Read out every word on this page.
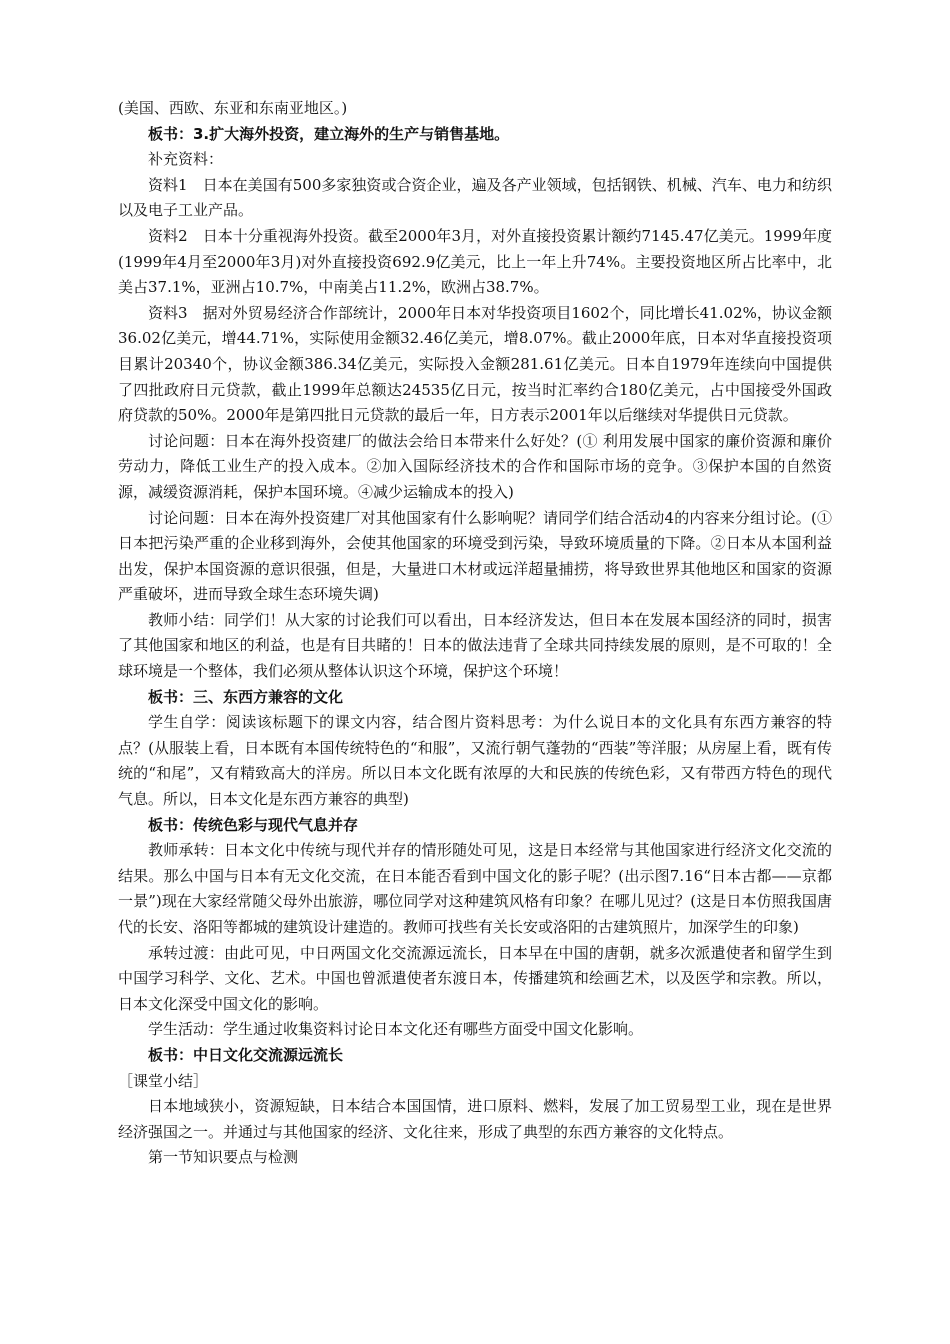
(美国、西欧、东亚和东南亚地区。)

板书：3.扩大海外投资，建立海外的生产与销售基地。

补充资料：

资料1　日本在美国有500多家独资或合资企业，遍及各产业领域，包括钢铁、机械、汽车、电力和纺织以及电子工业产品。

资料2　日本十分重视海外投资。截至2000年3月，对外直接投资累计额约7145.47亿美元。1999年度(1999年4月至2000年3月)对外直接投资692.9亿美元，比上一年上升74%。主要投资地区所占比率中，北美占37.1%，亚洲占10.7%，中南美占11.2%，欧洲占38.7%。

资料3　据对外贸易经济合作部统计，2000年日本对华投资项目1602个，同比增长41.02%，协议金额36.02亿美元，增44.71%，实际使用金额32.46亿美元，增8.07%。截止2000年底，日本对华直接投资项目累计20340个，协议金额386.34亿美元，实际投入金额281.61亿美元。日本自1979年连续向中国提供了四批政府日元贷款，截止1999年总额达24535亿日元，按当时汇率约合180亿美元，占中国接受外国政府贷款的50%。2000年是第四批日元贷款的最后一年，日方表示2001年以后继续对华提供日元贷款。

讨论问题：日本在海外投资建厂的做法会给日本带来什么好处？(① 利用发展中国家的廉价资源和廉价劳动力，降低工业生产的投入成本。②加入国际经济技术的合作和国际市场的竞争。③保护本国的自然资源，减缓资源消耗，保护本国环境。④减少运输成本的投入)

讨论问题：日本在海外投资建厂对其他国家有什么影响呢？请同学们结合活动4的内容来分组讨论。(① 日本把污染严重的企业移到海外，会使其他国家的环境受到污染，导致环境质量的下降。②日本从本国利益出发，保护本国资源的意识很强，但是，大量进口木材或远洋超量捕捞，将导致世界其他地区和国家的资源严重破坏，进而导致全球生态环境失调)

教师小结：同学们！从大家的讨论我们可以看出，日本经济发达，但日本在发展本国经济的同时，损害了其他国家和地区的利益，也是有目共睹的！日本的做法违背了全球共同持续发展的原则，是不可取的！全球环境是一个整体，我们必须从整体认识这个环境，保护这个环境！

板书：三、东西方兼容的文化

学生自学：阅读该标题下的课文内容，结合图片资料思考：为什么说日本的文化具有东西方兼容的特点？(从服装上看，日本既有本国传统特色的“和服”，又流行朝气蓬勃的“西装”等洋服；从房屋上看，既有传统的“和尾”，又有精致高大的洋房。所以日本文化既有浓厚的大和民族的传统色彩，又有带西方特色的现代气息。所以，日本文化是东西方兼容的典型)

板书：传统色彩与现代气息并存

教师承转：日本文化中传统与现代并存的情形随处可见，这是日本经常与其他国家进行经济文化交流的结果。那么中国与日本有无文化交流，在日本能否看到中国文化的影子呢？(出示图7.16“日本古都——京都一景”)现在大家经常随父母外出旅游，哪位同学对这种建筑风格有印象？在哪儿见过？(这是日本仿照我国唐代的长安、洛阳等都城的建筑设计建造的。教师可找些有关长安或洛阳的古建筑照片，加深学生的印象)

承转过渡：由此可见，中日两国文化交流源远流长，日本早在中国的唐朝，就多次派遣使者和留学生到中国学习科学、文化、艺术。中国也曾派遣使者东渡日本，传播建筑和绘画艺术，以及医学和宗教。所以，日本文化深受中国文化的影响。

学生活动：学生通过收集资料讨论日本文化还有哪些方面受中国文化影响。

板书：中日文化交流源远流长

［课堂小结］

日本地域狭小，资源短缺，日本结合本国国情，进口原料、燃料，发展了加工贸易型工业，现在是世界经济强国之一。并通过与其他国家的经济、文化往来，形成了典型的东西方兼容的文化特点。

第一节知识要点与检测
